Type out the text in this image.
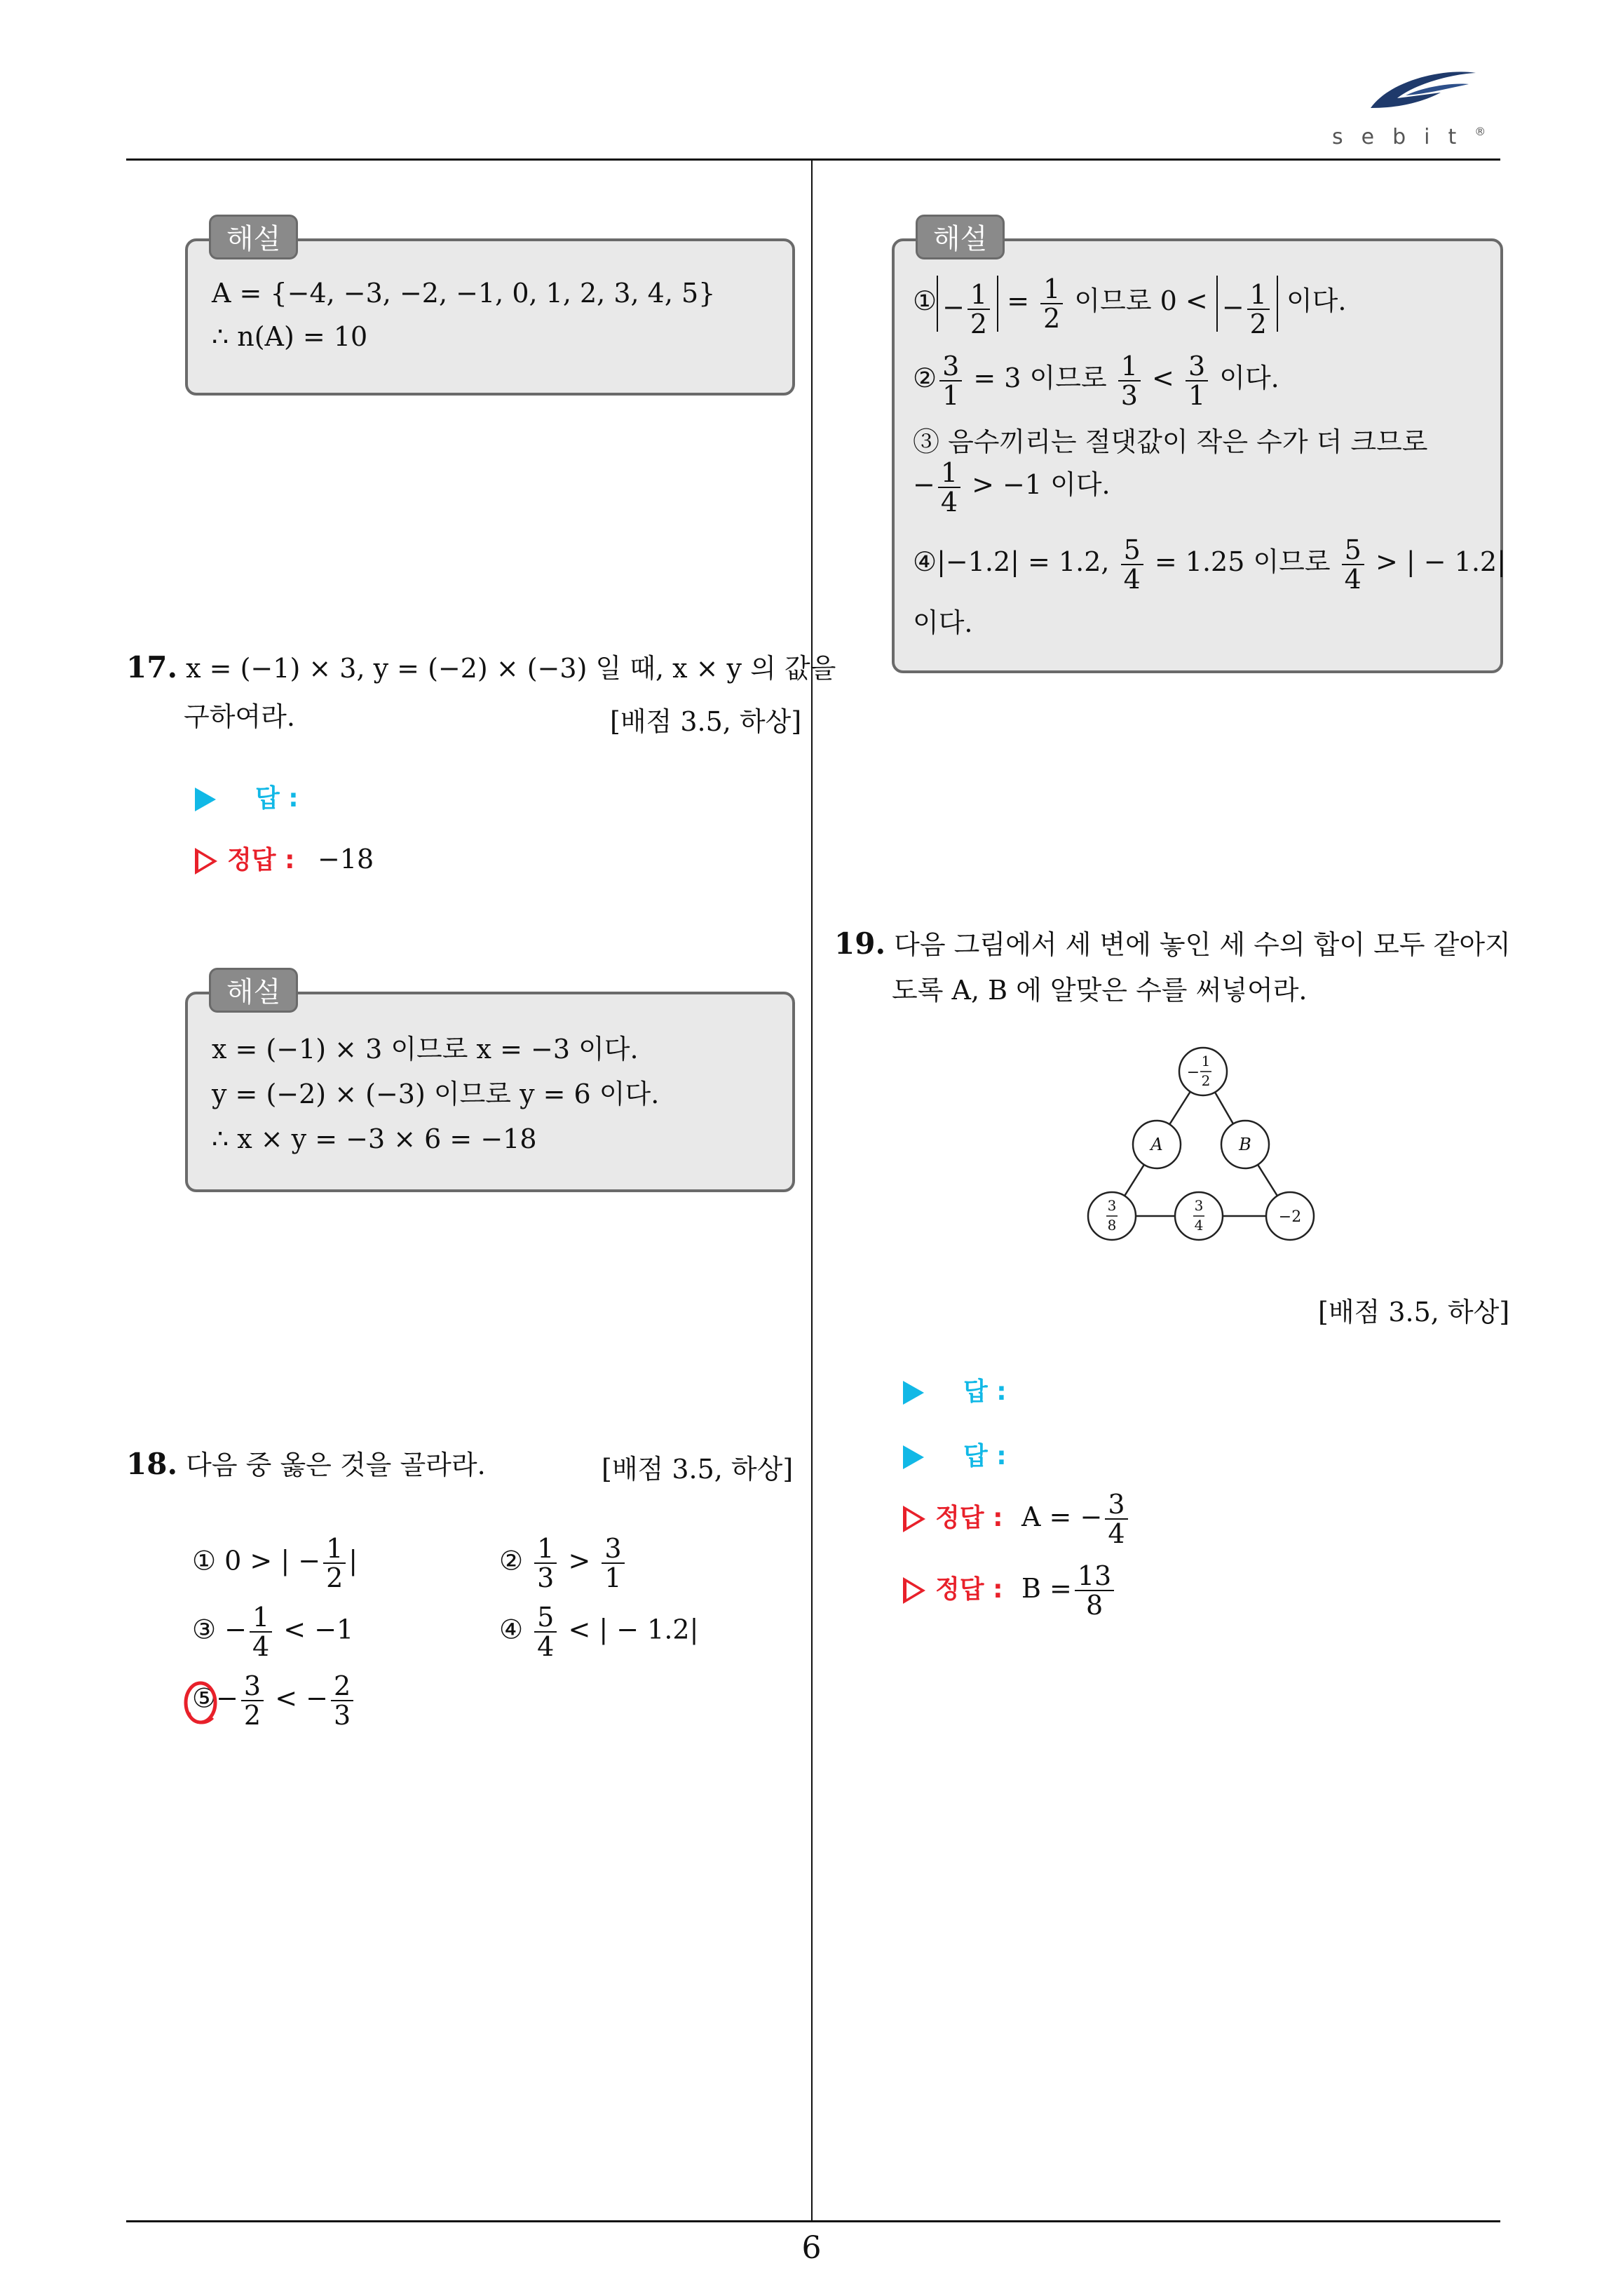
sebit®
A = {−4, −3, −2, −1, 0, 1, 2, 3, 4, 5}
∴ n(A) = 10
해설
17. x = (−1) × 3, y = (−2) × (−3) 일 때, x × y 의 값을
구하여라.	[배점 3.5, 하상]
답 :
정답 : −18
x = (−1) × 3 이므로 x = −3 이다.
y = (−2) × (−3) 이므로 y = 6 이다.
∴ x × y = −3 × 6 = −18
해설
18. 다음 중 옳은 것을 골라라.	[배점 3.5, 하상]
① 0 > | − $\frac{1}{2}$ |	② $\frac{1}{3} > \frac{3}{1}$
③ − $\frac{1}{4} < -1$	④ $\frac{5}{4}$ < | − 1.2|
⑤− $\frac{3}{2}$ < − $\frac{2}{3}$
① − $\frac{1}{2} = \frac{1}{2}$ 이므로 0 < − $\frac{1}{2}$ 이다.
② $\frac{3}{1} = 3$ 이므로 $\frac{1}{3} < \frac{3}{1}$ 이다.
③ 음수끼리는 절댓값이 작은 수가 더 크므로
− $\frac{1}{4} > -1$ 이다.
④|−1.2| = 1.2, $\frac{5}{4} = 1.25$ 이므로 $\frac{5}{4}$ > | − 1.2|
이다.
해설
19. 다음 그림에서 세 변에 놓인 세 수의 합이 모두 같아지
도록 A, B 에 알맞은 수를 써넣어라.
−
1
2
A	B
3
8
3
4	−2
[배점 3.5, 하상]
답 :
답 :
정답 : A = − $\frac{3}{4}$
정답 : $B = \frac{13}{8}$
6
